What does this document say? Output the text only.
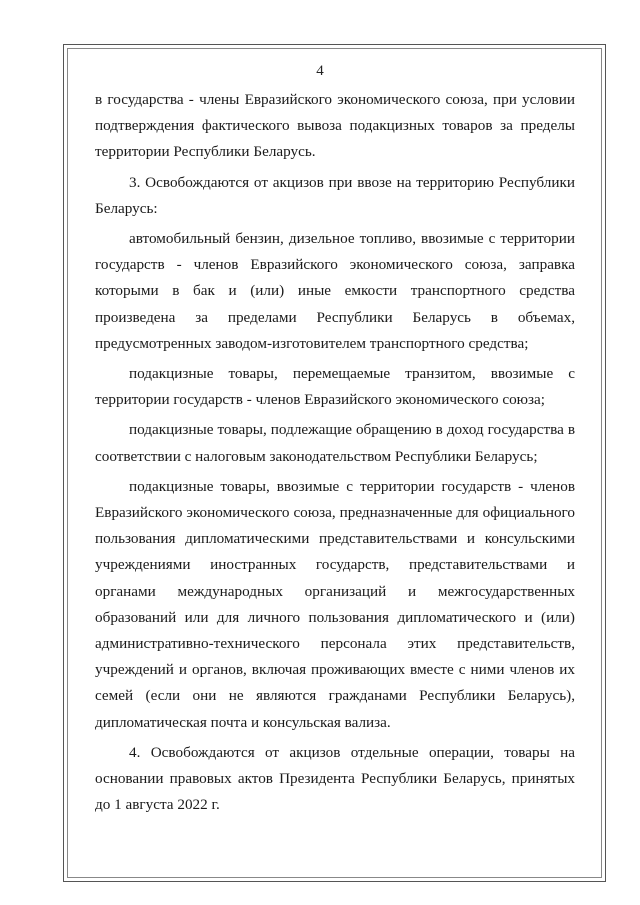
4

в государства - члены Евразийского экономического союза, при условии подтверждения фактического вывоза подакцизных товаров за пределы территории Республики Беларусь.

3. Освобождаются от акцизов при ввозе на территорию Республики Беларусь:

автомобильный бензин, дизельное топливо, ввозимые с территории государств - членов Евразийского экономического союза, заправка которыми в бак и (или) иные емкости транспортного средства произведена за пределами Республики Беларусь в объемах, предусмотренных заводом-изготовителем транспортного средства;

подакцизные товары, перемещаемые транзитом, ввозимые с территории государств - членов Евразийского экономического союза;

подакцизные товары, подлежащие обращению в доход государства в соответствии с налоговым законодательством Республики Беларусь;

подакцизные товары, ввозимые с территории государств - членов Евразийского экономического союза, предназначенные для официального пользования дипломатическими представительствами и консульскими учреждениями иностранных государств, представительствами и органами международных организаций и межгосударственных образований или для личного пользования дипломатического и (или) административно-технического персонала этих представительств, учреждений и органов, включая проживающих вместе с ними членов их семей (если они не являются гражданами Республики Беларусь), дипломатическая почта и консульская вализа.

4. Освобождаются от акцизов отдельные операции, товары на основании правовых актов Президента Республики Беларусь, принятых до 1 августа 2022 г.
